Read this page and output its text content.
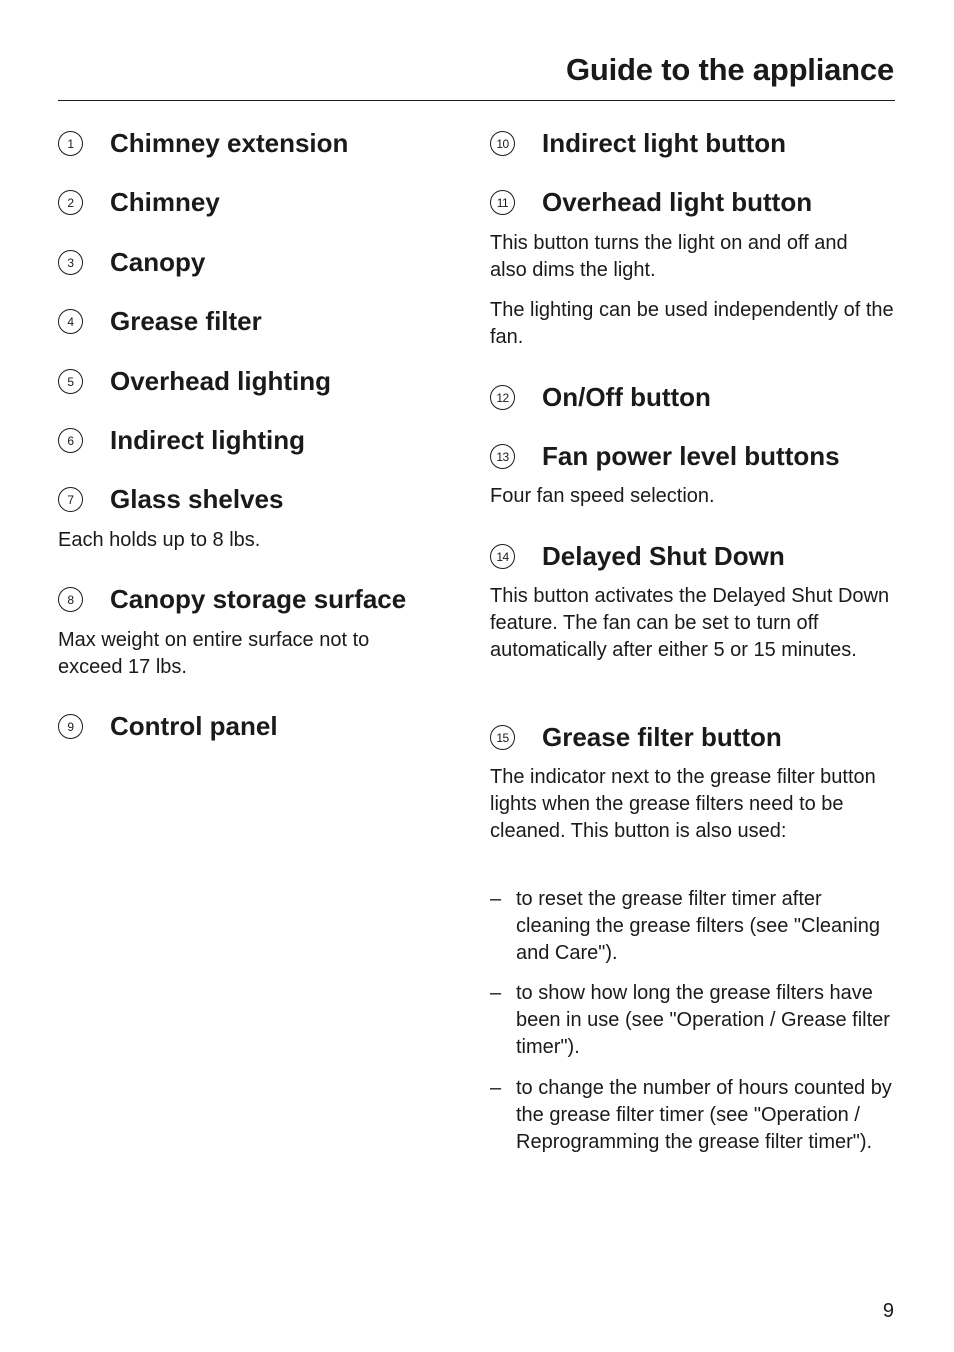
Guide to the appliance
1	Chimney extension
2	Chimney
3	Canopy
4	Grease filter
5	Overhead lighting
6	Indirect lighting
7	Glass shelves

Each holds up to 8 lbs.

8	Canopy storage surface

Max weight on entire surface not to exceed 17 lbs.

9	Control panel
10 Indirect light button
11 Overhead light button

This button turns the light on and off and also dims the light.

The lighting can be used independently of the fan.

12 On/Off button
13 Fan power level buttons

Four fan speed selection.

14 Delayed Shut Down

This button activates the Delayed Shut Down feature. The fan can be set to turn off automatically after either 5 or 15 minutes.

15 Grease filter button

The indicator next to the grease filter button lights when the grease filters need to be cleaned. This button is also used:

– to reset the grease filter timer after cleaning the grease filters (see "Cleaning and Care").
– to show how long the grease filters have been in use (see "Operation / Grease filter timer").
– to change the number of hours counted by the grease filter timer (see "Operation / Reprogramming the grease filter timer").
9
